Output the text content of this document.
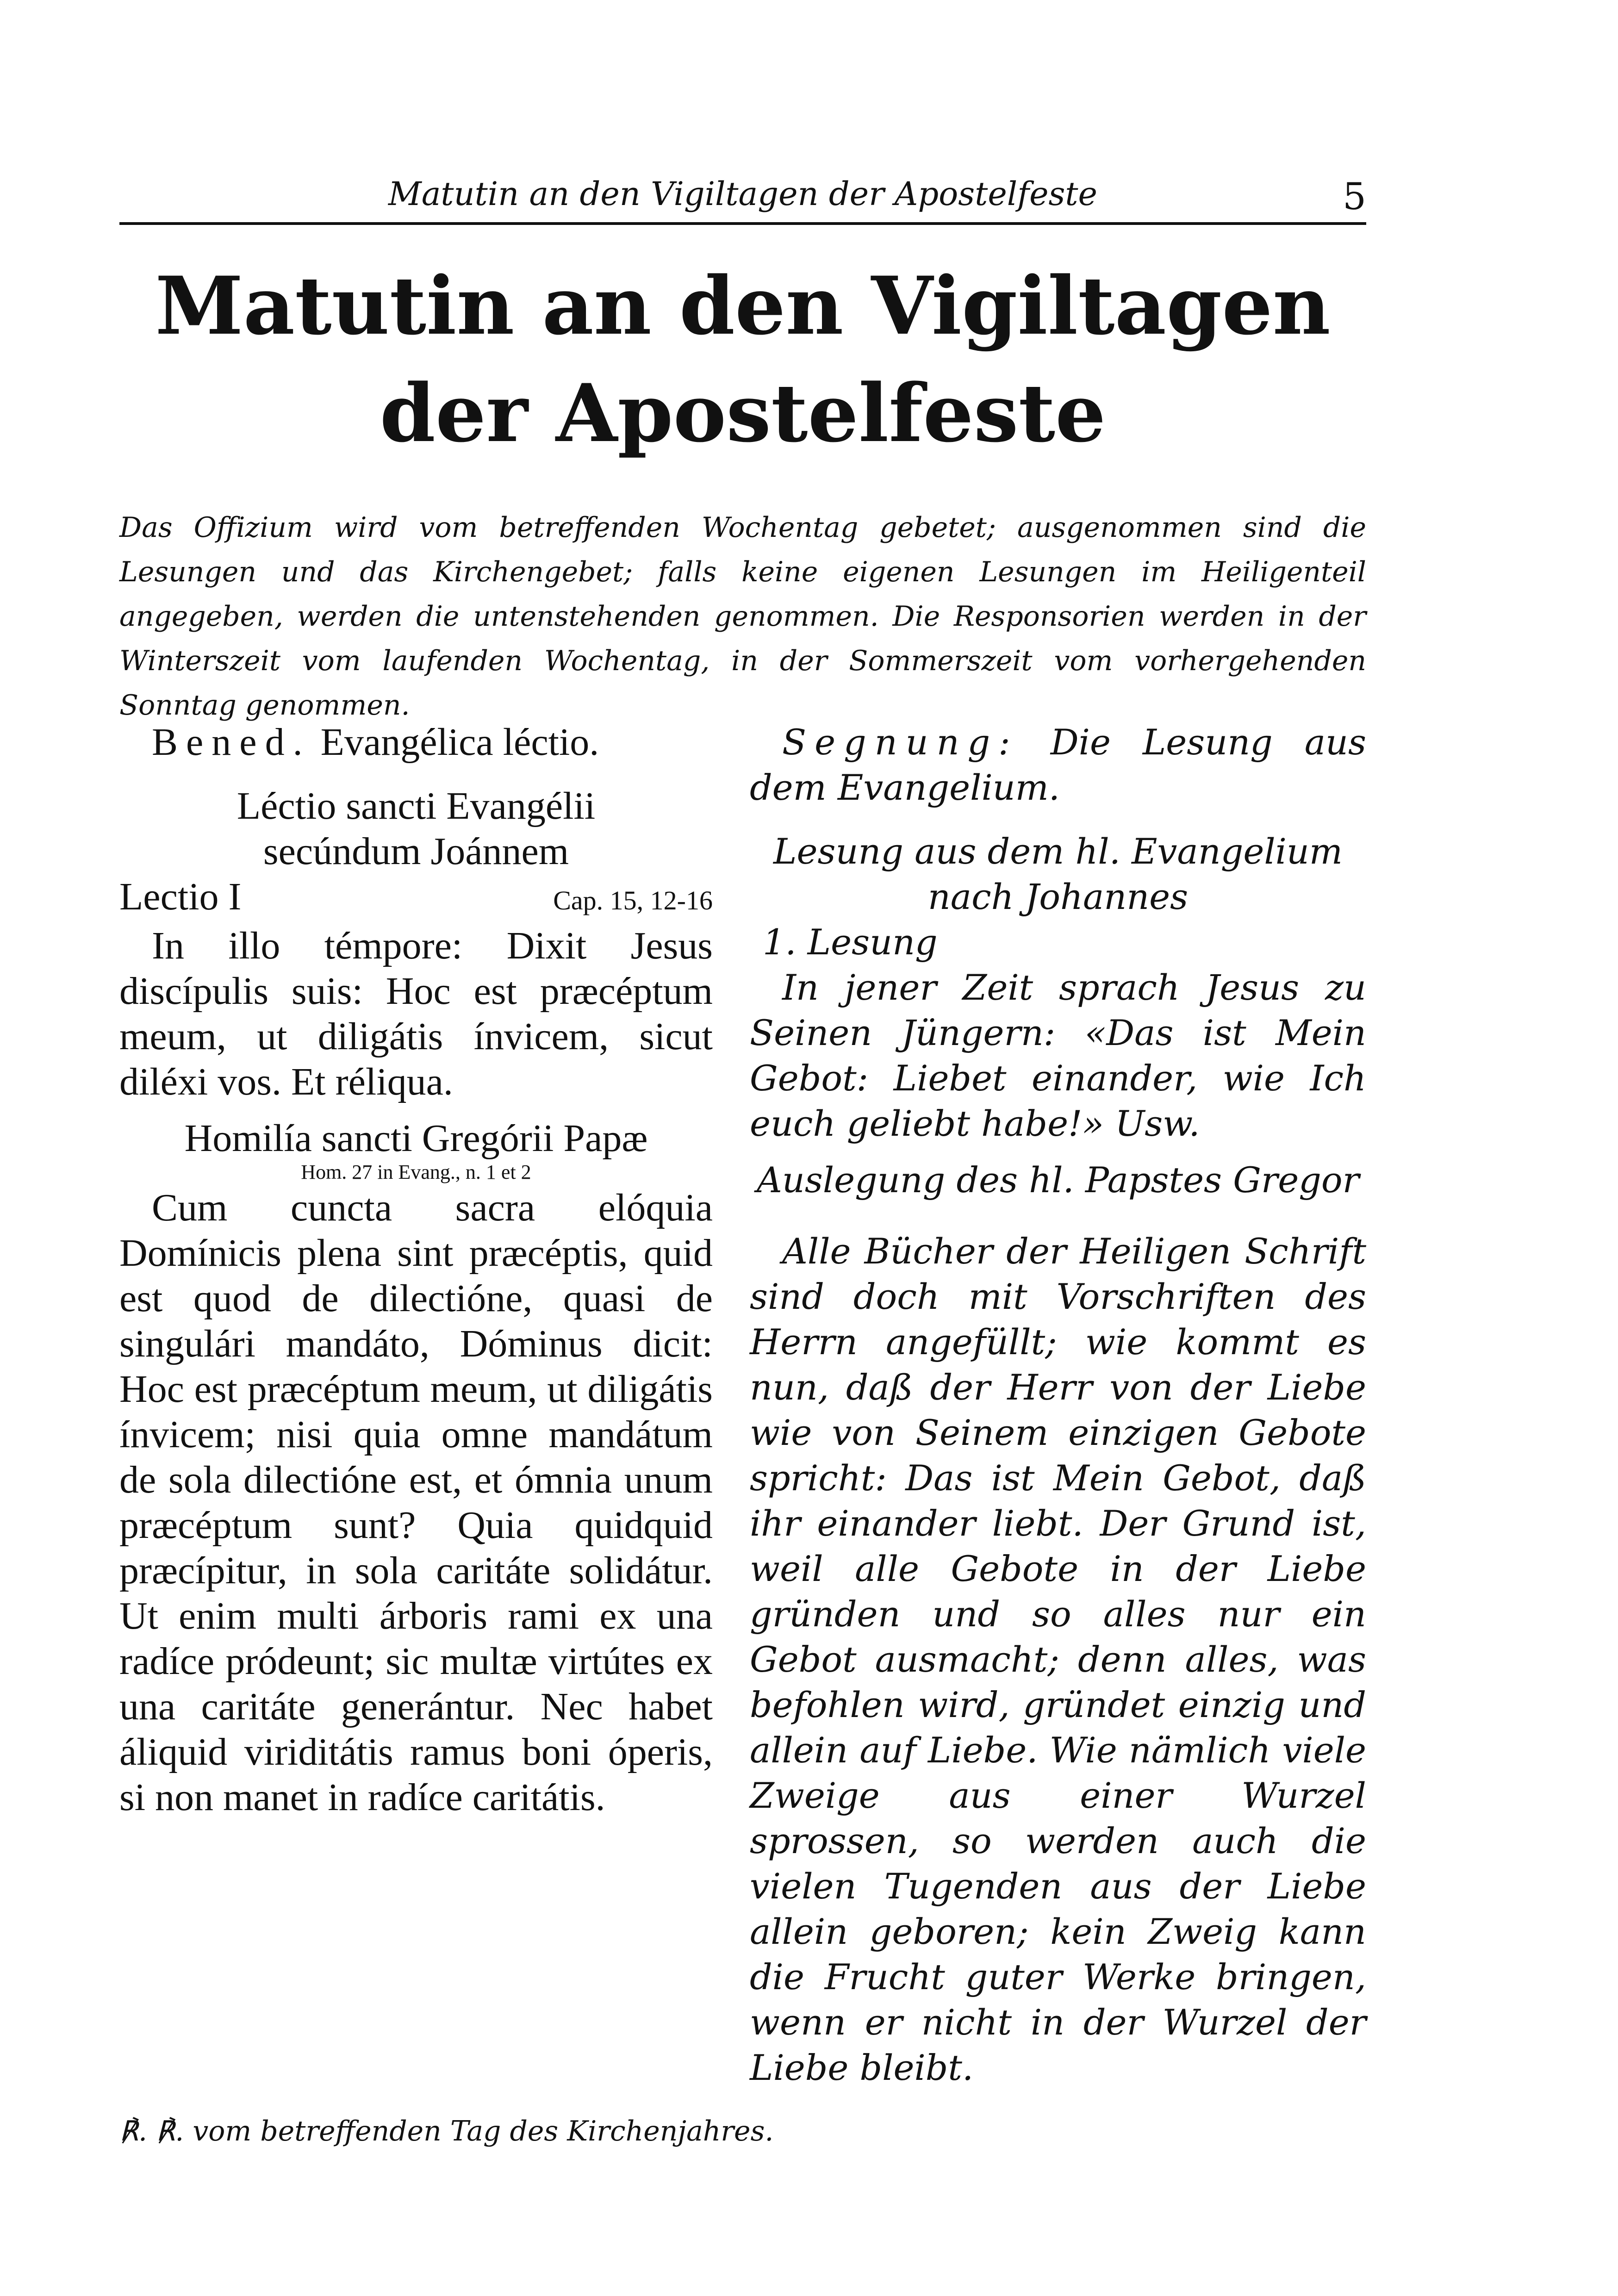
Matutin an den Vigiltagen der Apostelfeste	5
Matutin an den Vigiltagen
der Apostelfeste
Das Offizium wird vom betreffenden Wochentag gebetet; ausgenommen sind die Lesungen und das Kirchengebet; falls keine eigenen Lesungen im Heiligenteil angegeben, werden die untenstehenden genommen. Die Responsorien werden in der Winterszeit vom laufenden Wochentag, in der Sommerszeit vom vorhergehenden Sonntag genommen.
Bened. Evangélica léctio.
Léctio sancti Evangélii
secúndum Joánnem
Lectio I	Cap. 15, 12-16
In illo témpore: Dixit Jesus discípulis suis: Hoc est præcéptum meum, ut diligátis ínvicem, sicut diléxi vos. Et réliqua.
Homilía sancti Gregórii Papæ
Hom. 27 in Evang., n. 1 et 2
Cum cuncta sacra elóquia Domínicis plena sint præcéptis, quid est quod de dilectióne, quasi de singulári mandáto, Dóminus dicit: Hoc est præcéptum meum, ut diligátis ínvicem; nisi quia omne mandátum de sola dilectióne est, et ómnia unum præcéptum sunt? Quia quidquid præcípitur, in sola caritáte solidátur. Ut enim multi árboris rami ex una radíce pródeunt; sic multæ virtútes ex una caritáte generántur. Nec habet áliquid viriditátis ramus boni óperis, si non manet in radíce caritátis.
Segnung: Die Lesung aus dem Evangelium.
Lesung aus dem hl. Evangelium
nach Johannes
1. Lesung
In jener Zeit sprach Jesus zu Seinen Jüngern: «Das ist Mein Gebot: Liebet einander, wie Ich euch geliebt habe!» Usw.
Auslegung des hl. Papstes Gregor
Alle Bücher der Heiligen Schrift sind doch mit Vorschriften des Herrn angefüllt; wie kommt es nun, daß der Herr von der Liebe wie von Seinem einzigen Gebote spricht: Das ist Mein Gebot, daß ihr einander liebt. Der Grund ist, weil alle Gebote in der Liebe gründen und so alles nur ein Gebot ausmacht; denn alles, was befohlen wird, gründet einzig und allein auf Liebe. Wie nämlich viele Zweige aus einer Wurzel sprossen, so werden auch die vielen Tugenden aus der Liebe allein geboren; kein Zweig kann die Frucht guter Werke bringen, wenn er nicht in der Wurzel der Liebe bleibt.
℟. ℟. vom betreffenden Tag des Kirchenjahres.
